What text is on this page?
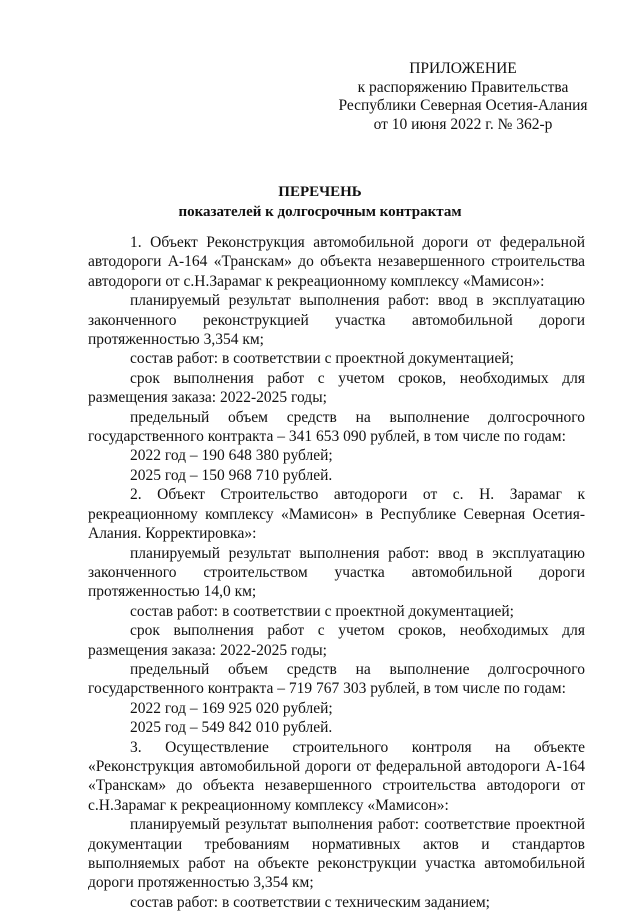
ПРИЛОЖЕНИЕ
к распоряжению Правительства
Республики Северная Осетия-Алания
от 10 июня 2022 г. № 362-р
ПЕРЕЧЕНЬ
показателей к долгосрочным контрактам

1. Объект Реконструкция автомобильной дороги от федеральной автодороги А-164 «Транскам» до объекта незавершенного строительства автодороги от с.Н.Зарамаг к рекреационному комплексу «Мамисон»:

планируемый результат выполнения работ: ввод в эксплуатацию законченного реконструкцией участка автомобильной дороги протяженностью 3,354 км;

состав работ: в соответствии с проектной документацией;

срок выполнения работ с учетом сроков, необходимых для размещения заказа: 2022-2025 годы;

предельный объем средств на выполнение долгосрочного государственного контракта – 341 653 090 рублей, в том числе по годам:

2022 год – 190 648 380 рублей;

2025 год – 150 968 710 рублей.

2. Объект Строительство автодороги от с. Н. Зарамаг к рекреационному комплексу «Мамисон» в Республике Северная Осетия-Алания. Корректировка»:

планируемый результат выполнения работ: ввод в эксплуатацию законченного строительством участка автомобильной дороги протяженностью 14,0 км;

состав работ: в соответствии с проектной документацией;

срок выполнения работ с учетом сроков, необходимых для размещения заказа: 2022-2025 годы;

предельный объем средств на выполнение долгосрочного государственного контракта – 719 767 303 рублей, в том числе по годам:

2022 год – 169 925 020 рублей;

2025 год – 549 842 010 рублей.

3. Осуществление строительного контроля на объекте «Реконструкция автомобильной дороги от федеральной автодороги А-164 «Транскам» до объекта незавершенного строительства автодороги от с.Н.Зарамаг к рекреационному комплексу «Мамисон»:

планируемый результат выполнения работ: соответствие проектной документации требованиям нормативных актов и стандартов выполняемых работ на объекте реконструкции участка автомобильной дороги протяженностью 3,354 км;

состав работ: в соответствии с техническим заданием;
